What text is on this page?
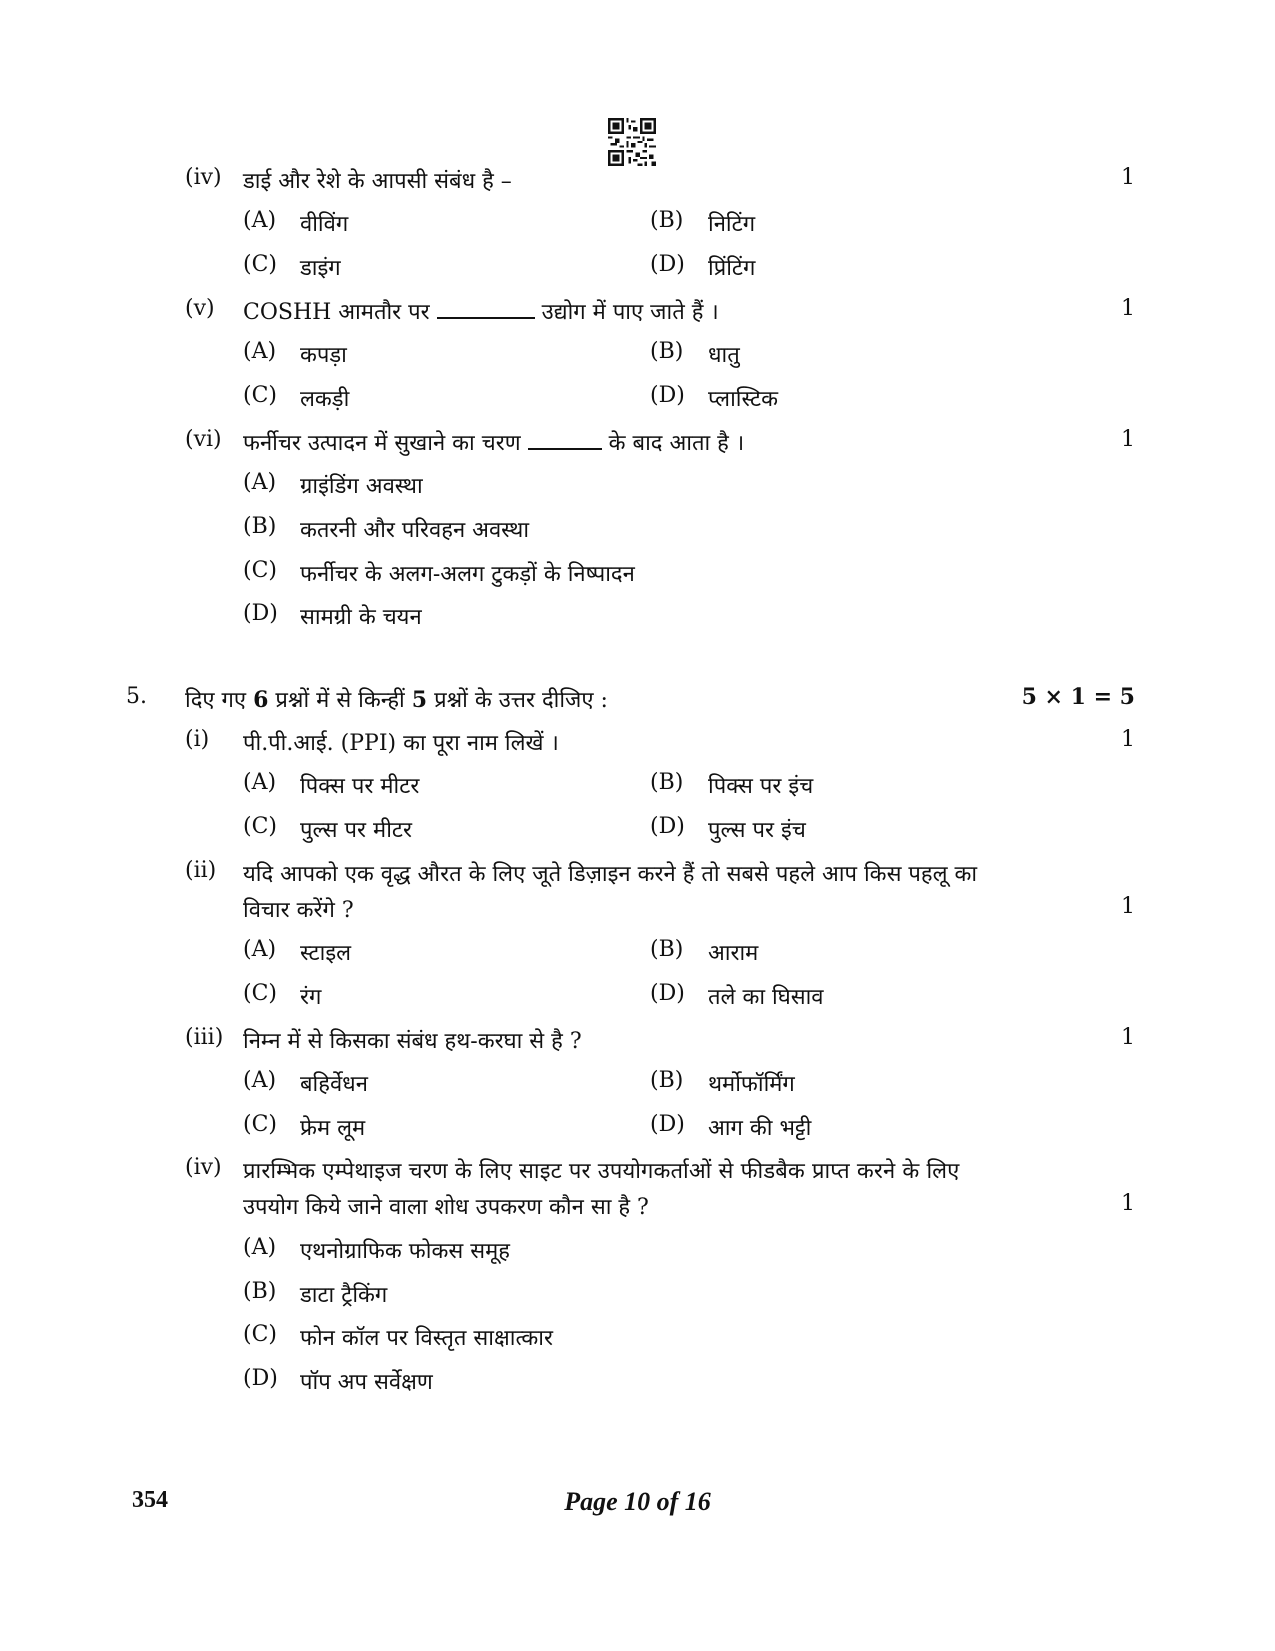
(iv) डाई और रेशे के आपसी संबंध है –	1
(A) वीविंग	(B) निटिंग
(C) डाइंग	(D) प्रिंटिंग
(v) COSHH आमतौर पर	उद्योग में पाए जाते हैं ।	1
(A) कपड़ा	(B) धातु
(C) लकड़ी	(D) प्लास्टिक
(vi) फर्नीचर उत्पादन में सुखाने का चरण	के बाद आता है ।	1
(A) ग्राइंडिंग अवस्था
(B) कतरनी और परिवहन अवस्था
(C) फर्नीचर के अलग-अलग टुकड़ों के निष्पादन
(D) सामग्री के चयन
5. दिए गए 6 प्रश्नों में से किन्हीं 5 प्रश्नों के उत्तर दीजिए :	5 × 1 = 5
(i) पी.पी.आई. (PPI) का पूरा नाम लिखें ।	1
(A) पिक्स पर मीटर	(B) पिक्स पर इंच
(C) पुल्स पर मीटर	(D) पुल्स पर इंच
(ii) यदि आपको एक वृद्ध औरत के लिए जूते डिज़ाइन करने हैं तो सबसे पहले आप किस पहलू का
विचार करेंगे ?	1
(A) स्टाइल	(B) आराम
(C) रंग	(D) तले का घिसाव
(iii) निम्न में से किसका संबंध हथ-करघा से है ?	1
(A) बहिर्वेधन	(B) थर्मोफॉर्मिंग
(C) फ्रेम लूम	(D) आग की भट्टी
(iv) प्रारम्भिक एम्पेथाइज चरण के लिए साइट पर उपयोगकर्ताओं से फीडबैक प्राप्त करने के लिए
उपयोग किये जाने वाला शोध उपकरण कौन सा है ?	1
(A) एथनोग्राफिक फोकस समूह
(B) डाटा ट्रैकिंग
(C) फोन कॉल पर विस्तृत साक्षात्कार
(D) पॉप अप सर्वेक्षण
354	Page 10 of 16
